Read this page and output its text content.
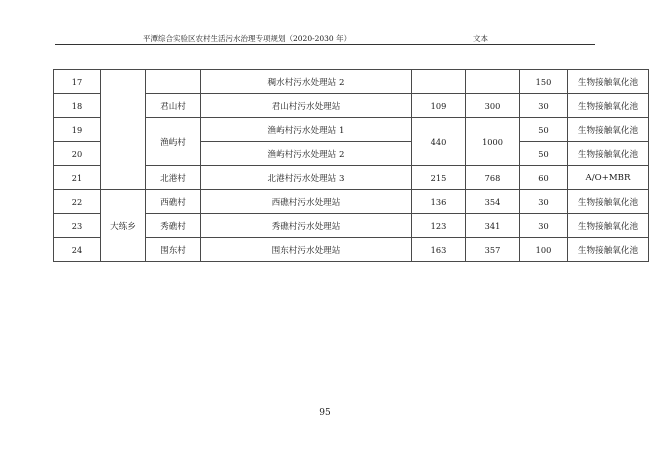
平潭综合实验区农村生活污水治理专项规划（2020-2030 年）	文本
17			稠水村污水处理站 2			150	生物接触氧化池
18		君山村	君山村污水处理站	109	300	30	生物接触氧化池
19		渔屿村	渔屿村污水处理站 1	440	1000	50	生物接触氧化池
20			渔屿村污水处理站 2			50	生物接触氧化池
21		北港村	北港村污水处理站 3	215	768	60	A/O+MBR
22	大练乡	西礁村	西礁村污水处理站	136	354	30	生物接触氧化池
23		秀礁村	秀礁村污水处理站	123	341	30	生物接触氧化池
24		围东村	围东村污水处理站	163	357	100	生物接触氧化池
95
